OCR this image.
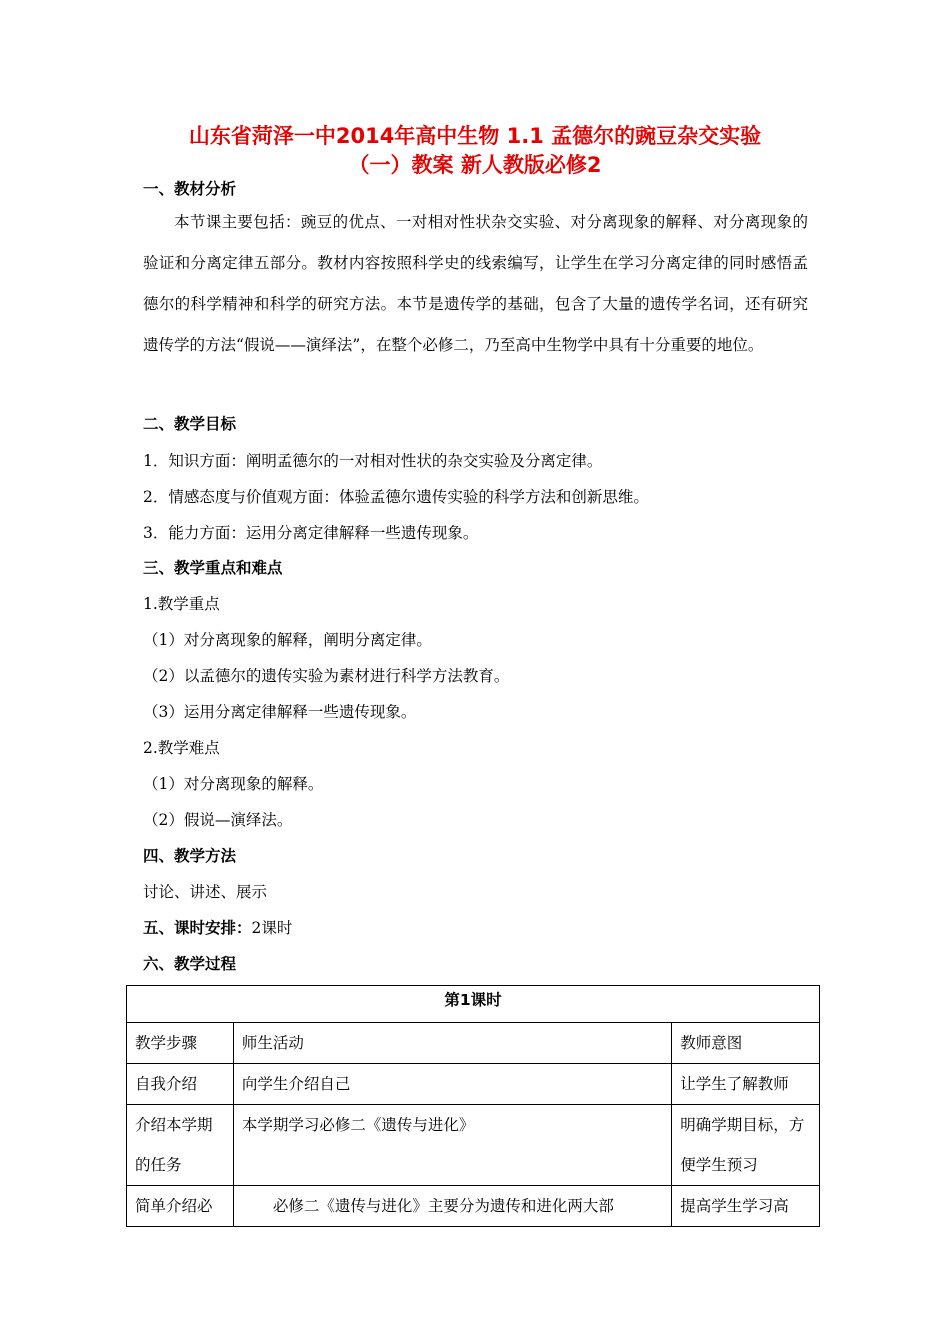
山东省菏泽一中2014年高中生物 1.1 孟德尔的豌豆杂交实验
（一）教案 新人教版必修2
一、教材分析
本节课主要包括：豌豆的优点、一对相对性状杂交实验、对分离现象的解释、对分离现象的验证和分离定律五部分。教材内容按照科学史的线索编写，让学生在学习分离定律的同时感悟孟德尔的科学精神和科学的研究方法。本节是遗传学的基础，包含了大量的遗传学名词，还有研究遗传学的方法“假说——演绎法”，在整个必修二，乃至高中生物学中具有十分重要的地位。
二、教学目标
1．知识方面：阐明孟德尔的一对相对性状的杂交实验及分离定律。
2．情感态度与价值观方面：体验孟德尔遗传实验的科学方法和创新思维。
3．能力方面：运用分离定律解释一些遗传现象。
三、教学重点和难点
1.教学重点
（1）对分离现象的解释，阐明分离定律。
（2）以孟德尔的遗传实验为素材进行科学方法教育。
（3）运用分离定律解释一些遗传现象。
2.教学难点
（1）对分离现象的解释。
（2）假说—演绎法。
四、教学方法
讨论、讲述、展示
五、课时安排：2课时
六、教学过程
第1课时		
教学步骤	师生活动	教师意图
自我介绍	向学生介绍自己	让学生了解教师
介绍本学期的任务	本学期学习必修二《遗传与进化》	明确学期目标，方便学生预习
简单介绍必	必修二《遗传与进化》主要分为遗传和进化两大部	提高学生学习高
